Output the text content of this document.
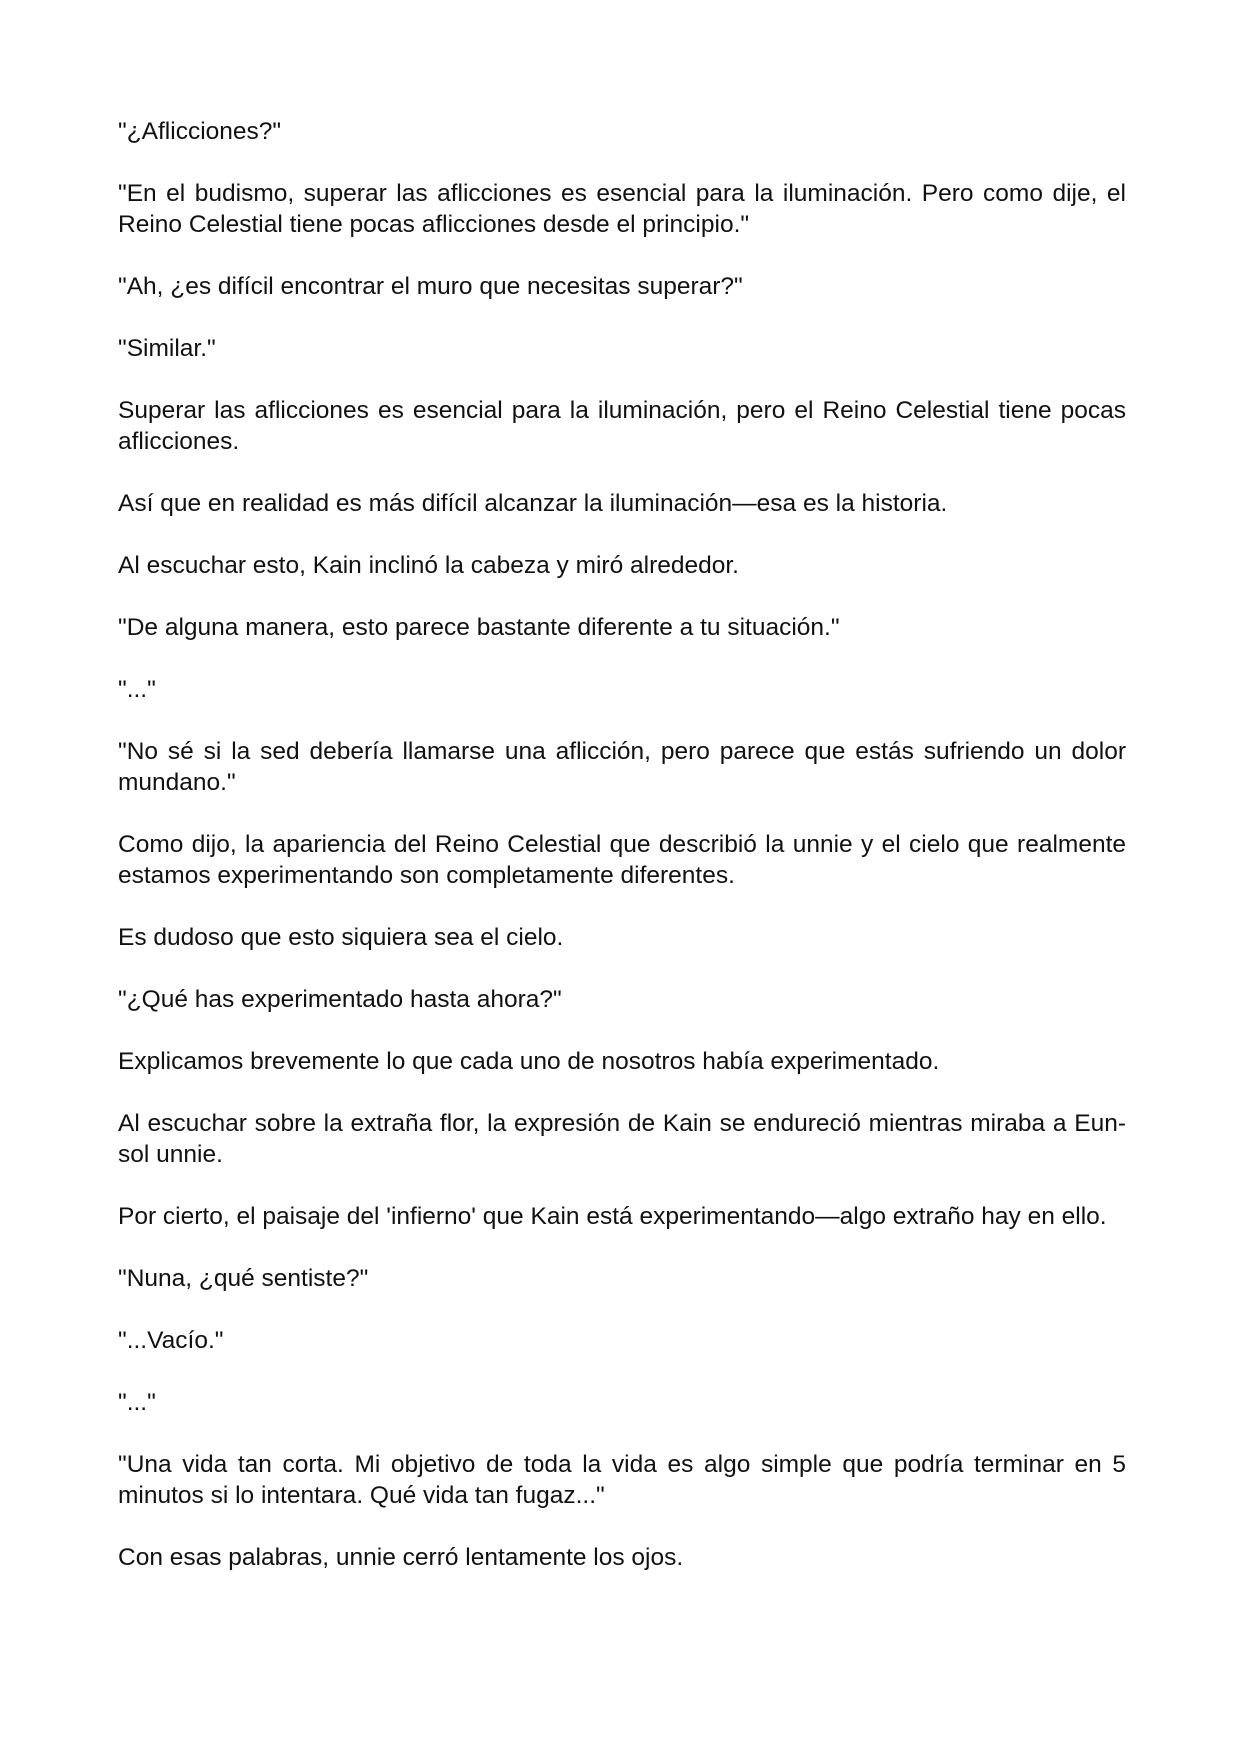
"¿Aflicciones?"

"En el budismo, superar las aflicciones es esencial para la iluminación. Pero como dije, el Reino Celestial tiene pocas aflicciones desde el principio."

"Ah, ¿es difícil encontrar el muro que necesitas superar?"

"Similar."

Superar las aflicciones es esencial para la iluminación, pero el Reino Celestial tiene pocas aflicciones.

Así que en realidad es más difícil alcanzar la iluminación—esa es la historia.

Al escuchar esto, Kain inclinó la cabeza y miró alrededor.

"De alguna manera, esto parece bastante diferente a tu situación."

"..."

"No sé si la sed debería llamarse una aflicción, pero parece que estás sufriendo un dolor mundano."

Como dijo, la apariencia del Reino Celestial que describió la unnie y el cielo que realmente estamos experimentando son completamente diferentes.

Es dudoso que esto siquiera sea el cielo.

"¿Qué has experimentado hasta ahora?"

Explicamos brevemente lo que cada uno de nosotros había experimentado.

Al escuchar sobre la extraña flor, la expresión de Kain se endureció mientras miraba a Eun-sol unnie.

Por cierto, el paisaje del 'infierno' que Kain está experimentando—algo extraño hay en ello.

"Nuna, ¿qué sentiste?"

"...Vacío."

"..."

"Una vida tan corta. Mi objetivo de toda la vida es algo simple que podría terminar en 5 minutos si lo intentara. Qué vida tan fugaz..."

Con esas palabras, unnie cerró lentamente los ojos.
